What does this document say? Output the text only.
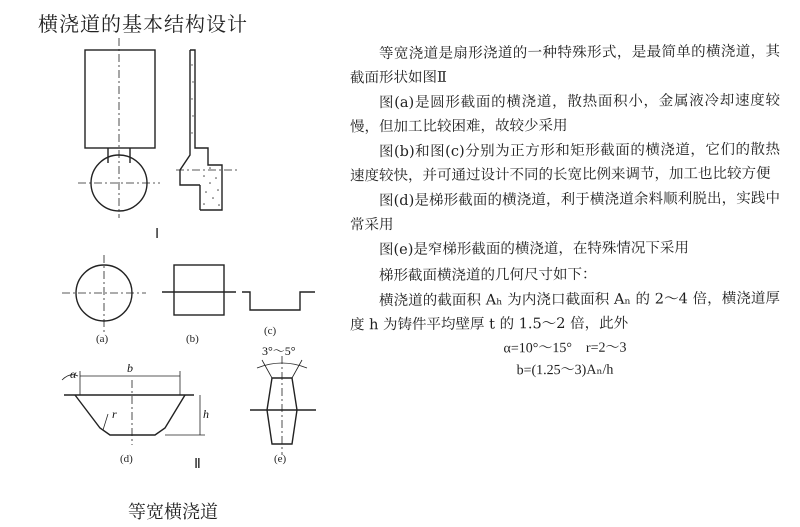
横浇道的基本结构设计
Ⅰ
(a)	(b)
(c)
α	b
r	h
3°～5°
(d)	Ⅱ	(e)
等宽横浇道

等宽浇道是扇形浇道的一种特殊形式，是最简单的横浇道，其截面形状如图Ⅱ

图(a)是圆形截面的横浇道，散热面积小，金属液冷却速度较慢，但加工比较困难，故较少采用

图(b)和图(c)分别为正方形和矩形截面的横浇道，它们的散热速度较快，并可通过设计不同的长宽比例来调节，加工也比较方便

图(d)是梯形截面的横浇道，利于横浇道余料顺利脱出，实践中常采用

图(e)是窄梯形截面的横浇道，在特殊情况下采用

梯形截面横浇道的几何尺寸如下：

横浇道的截面积 Aₕ 为内浇口截面积 Aₙ 的 2～4 倍，横浇道厚度 h 为铸件平均壁厚 t 的 1.5～2 倍，此外

α=10°～15°　r=2～3
b=(1.25～3)Aₙ/h
